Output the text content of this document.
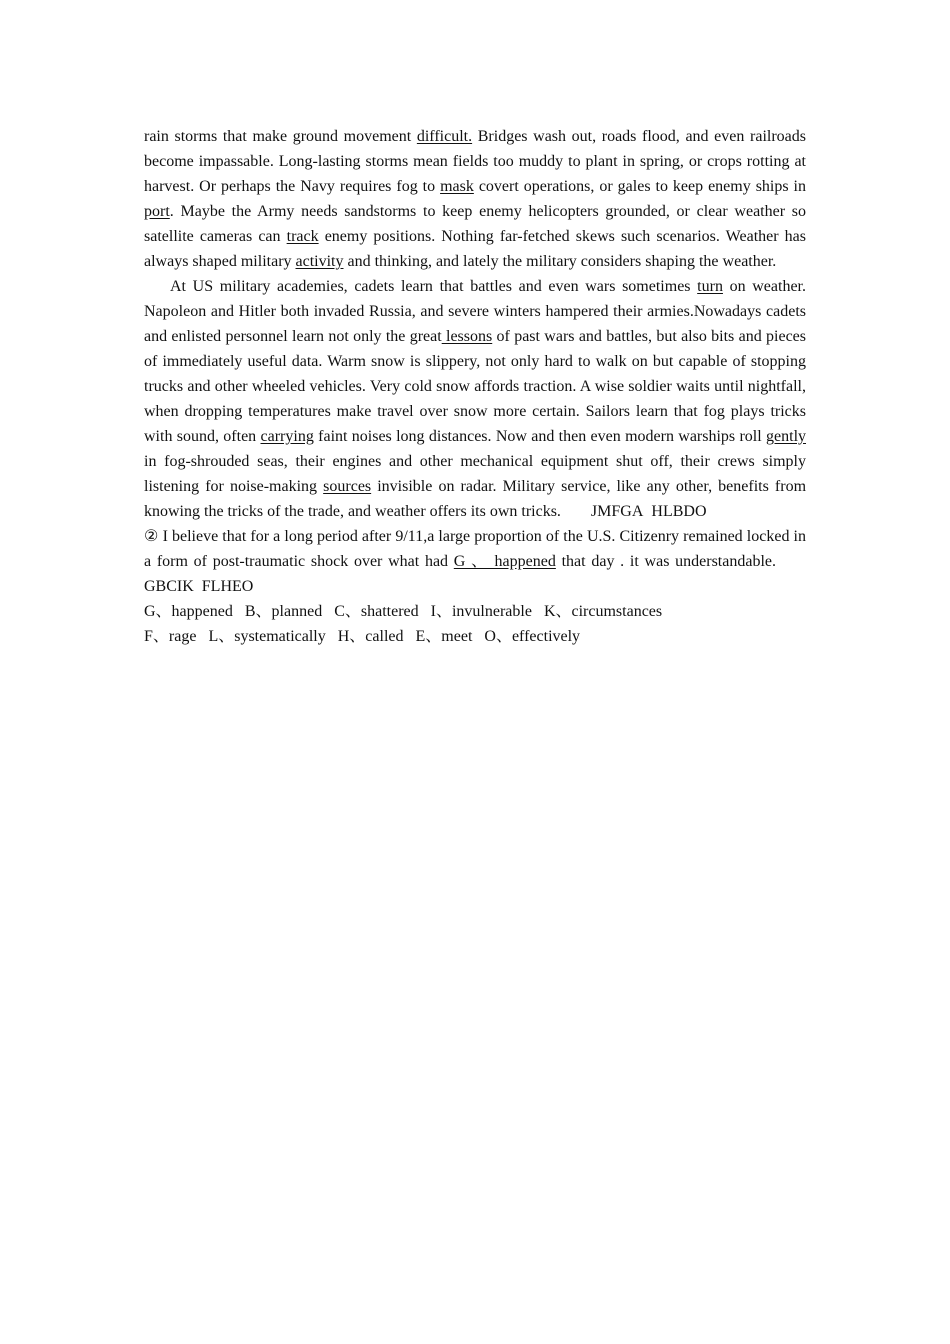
rain storms that make ground movement difficult. Bridges wash out, roads flood, and even railroads become impassable. Long-lasting storms mean fields too muddy to plant in spring, or crops rotting at harvest. Or perhaps the Navy requires fog to mask covert operations, or gales to keep enemy ships in port. Maybe the Army needs sandstorms to keep enemy helicopters grounded, or clear weather so satellite cameras can track enemy positions. Nothing far-fetched skews such scenarios. Weather has always shaped military activity and thinking, and lately the military considers shaping the weather.

At US military academies, cadets learn that battles and even wars sometimes turn on weather. Napoleon and Hitler both invaded Russia, and severe winters hampered their armies.Nowadays cadets and enlisted personnel learn not only the great lessons of past wars and battles, but also bits and pieces of immediately useful data. Warm snow is slippery, not only hard to walk on but capable of stopping trucks and other wheeled vehicles. Very cold snow affords traction. A wise soldier waits until nightfall, when dropping temperatures make travel over snow more certain. Sailors learn that fog plays tricks with sound, often carrying faint noises long distances. Now and then even modern warships roll gently in fog-shrouded seas, their engines and other mechanical equipment shut off, their crews simply listening for noise-making sources invisible on radar. Military service, like any other, benefits from knowing the tricks of the trade, and weather offers its own tricks. JMFGA HLBDO

② I believe that for a long period after 9/11,a large proportion of the U.S. Citizenry remained locked in a form of post-traumatic shock over what had G 、 happened that day . it was understandable.GBCIK FLHEO

G、happened B、planned C、shattered I、invulnerable K、circumstances

F、rage L、systematically H、called E、meet O、effectively
